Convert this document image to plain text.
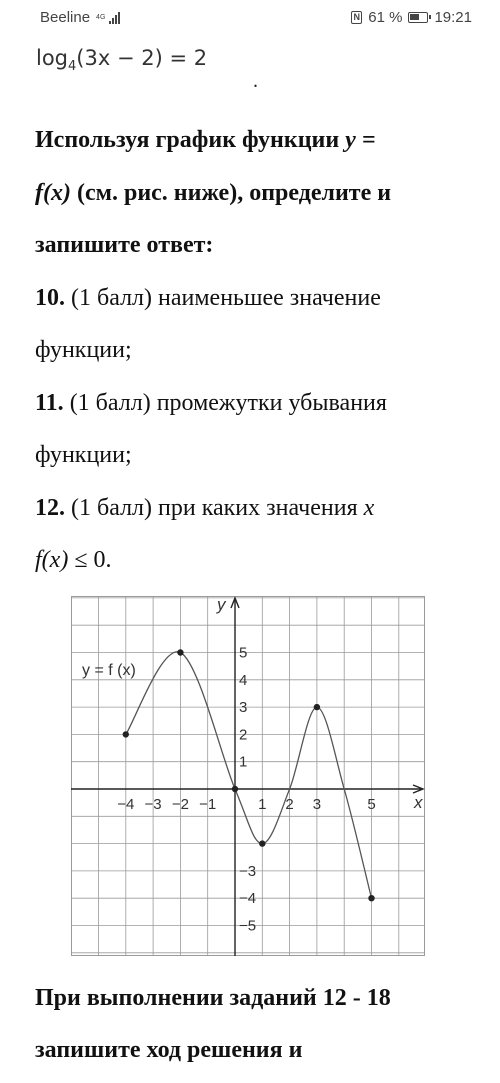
Beeline 4G	N 61 % 19:21
$\log_4(3x - 2) = 2$
.

Используя график функции y =

f(x) (см. рис. ниже), определите и

запишите ответ:

10. (1 балл) наименьшее значение

функции;

11. (1 балл) промежутки убывания

функции;

12. (1 балл) при каких значения x

f(x) ≤ 0.

−4 −3 −2 −1	1 2 3	5
5
4
3
2
1
−3
−4
−5
y = f (x)
x
y

При выполнении заданий 12 - 18

запишите ход решения и
